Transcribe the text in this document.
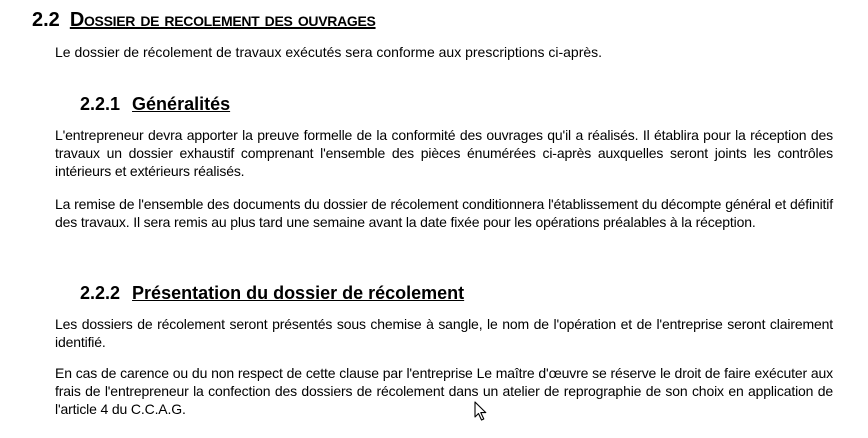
2.2 Dossier de recolement des ouvrages
Le dossier de récolement de travaux exécutés sera conforme aux prescriptions ci-après.
2.2.1 Généralités
L'entrepreneur devra apporter la preuve formelle de la conformité des ouvrages qu'il a réalisés. Il établira pour la réception des travaux un dossier exhaustif comprenant l'ensemble des pièces énumérées ci-après auxquelles seront joints les contrôles intérieurs et extérieurs réalisés.
La remise de l'ensemble des documents du dossier de récolement conditionnera l'établissement du décompte général et définitif des travaux. Il sera remis au plus tard une semaine avant la date fixée pour les opérations préalables à la réception.
2.2.2 Présentation du dossier de récolement
Les dossiers de récolement seront présentés sous chemise à sangle, le nom de l'opération et de l'entreprise seront clairement identifié.
En cas de carence ou du non respect de cette clause par l'entreprise Le maître d'œuvre se réserve le droit de faire exécuter aux frais de l'entrepreneur la confection des dossiers de récolement dans un atelier de reprographie de son choix en application de l'article 4 du C.C.A.G.
